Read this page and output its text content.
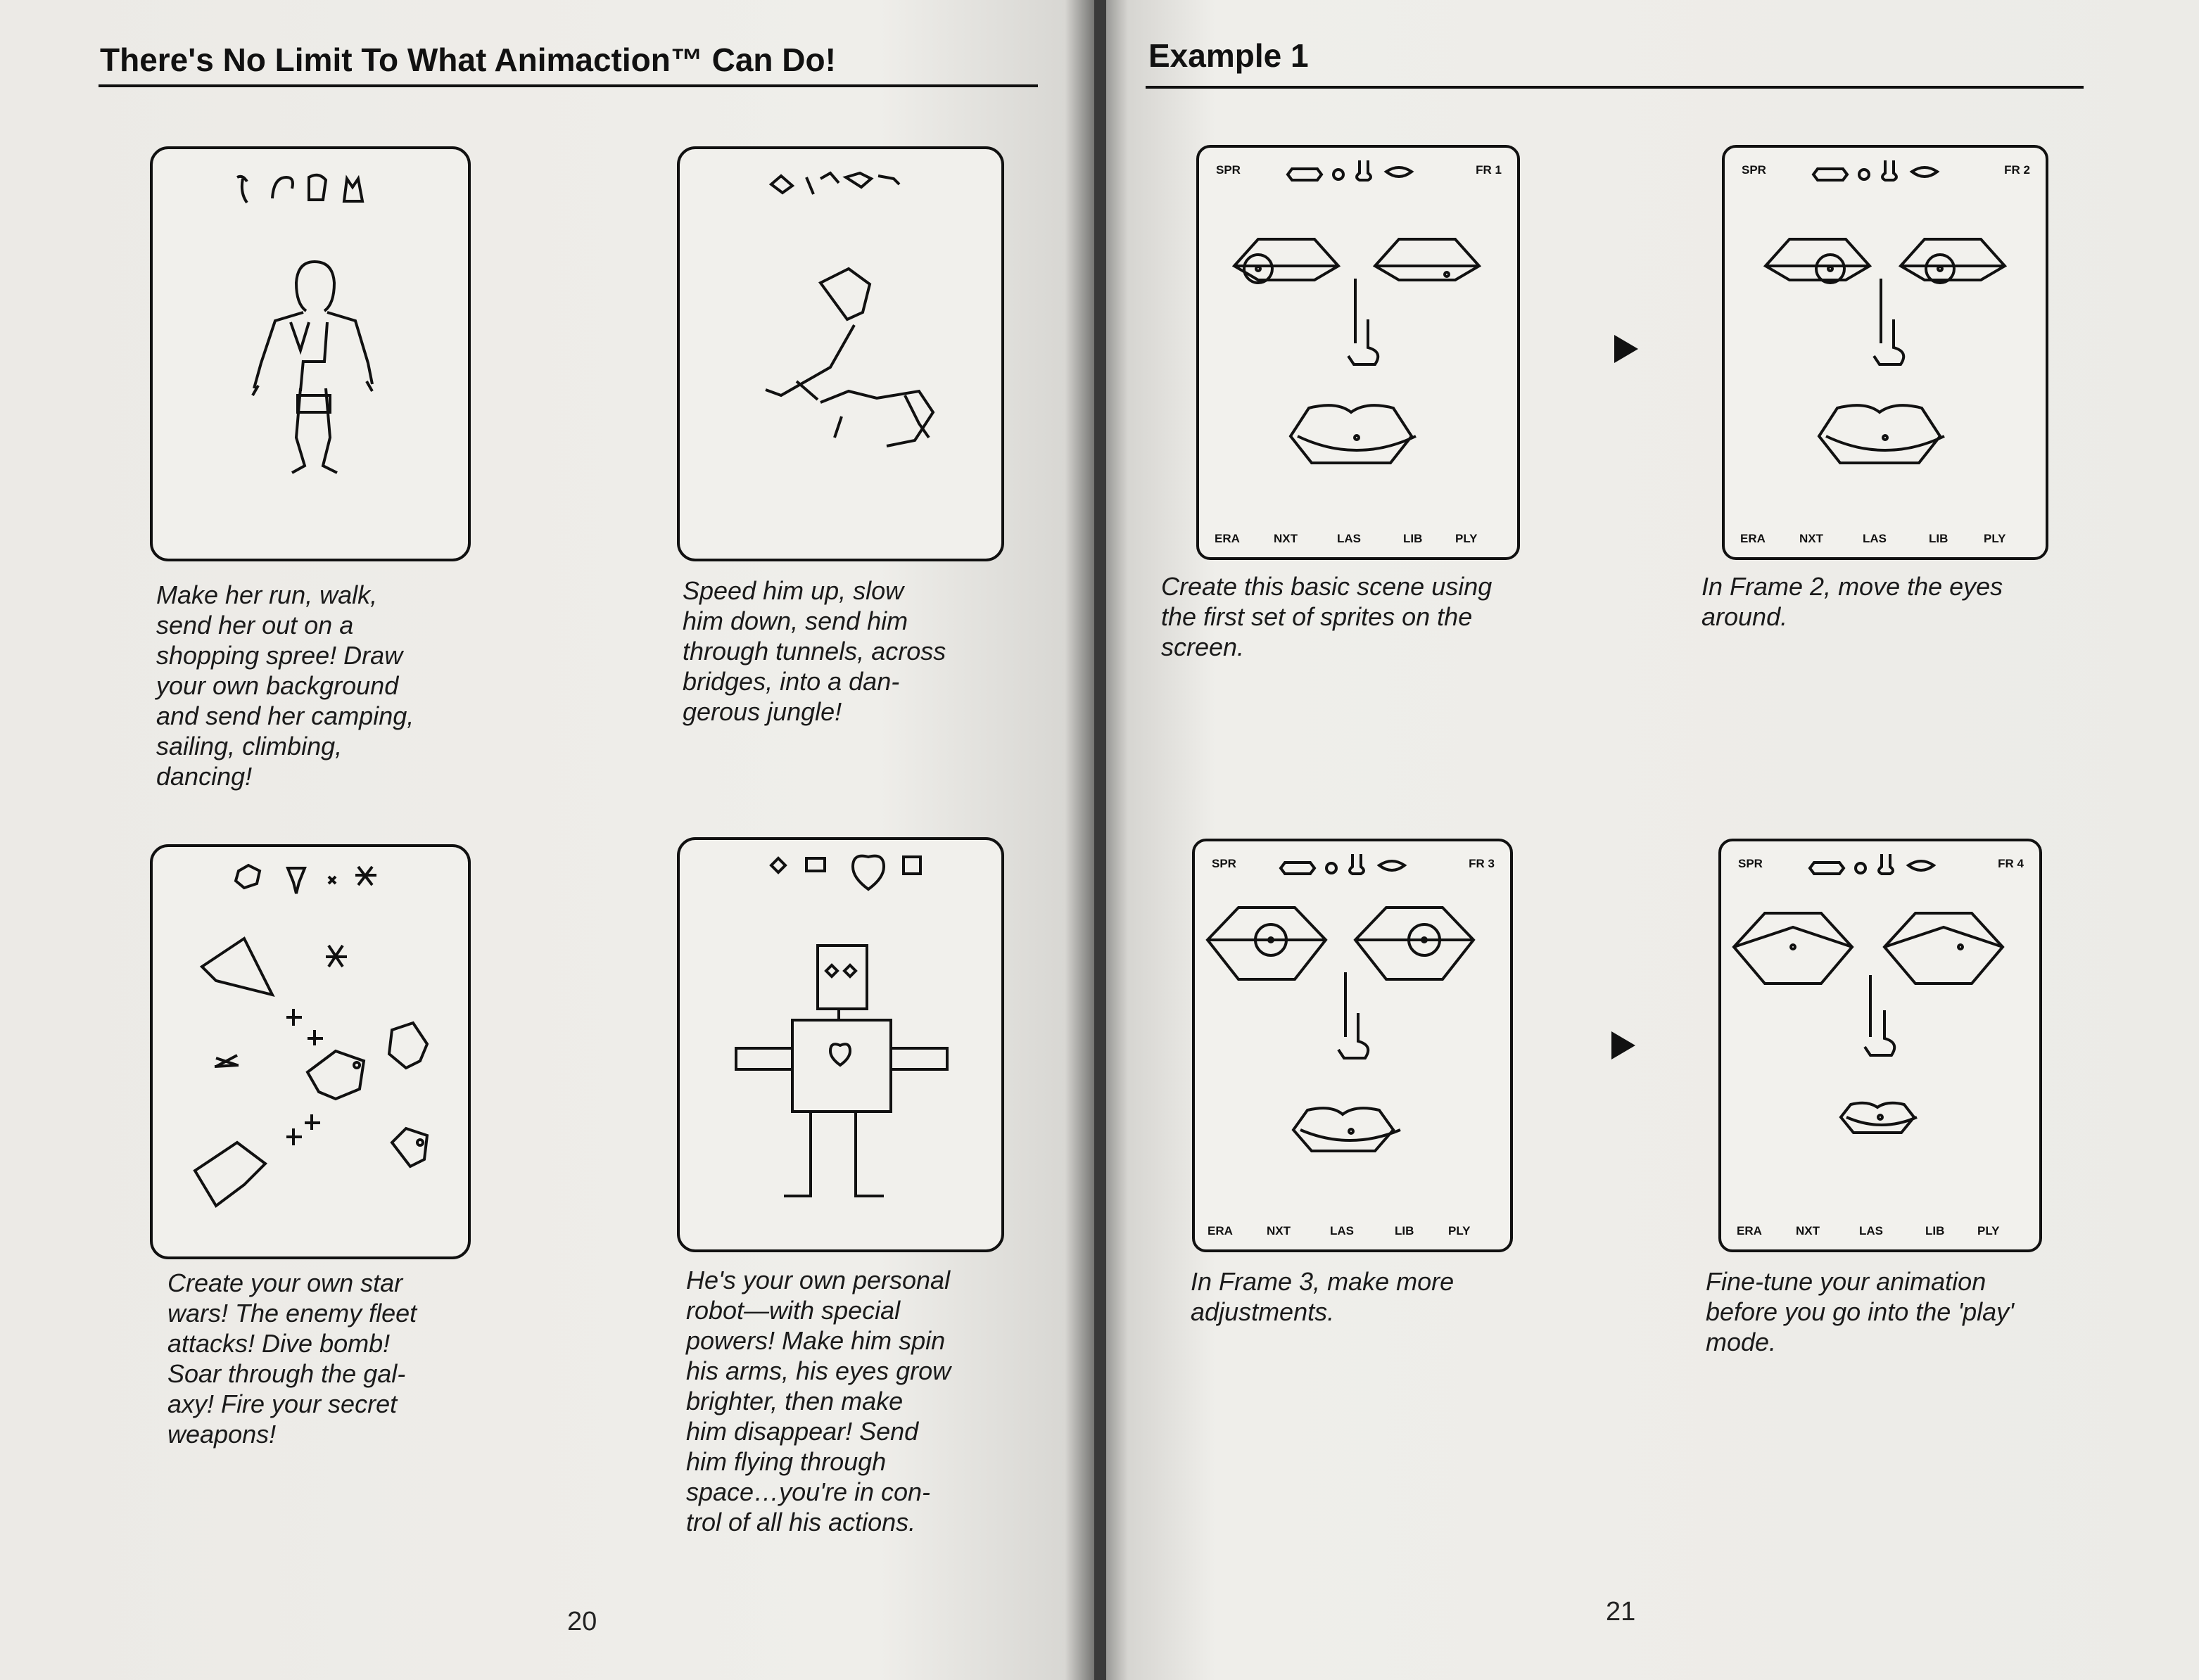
There's No Limit To What Animaction™ Can Do!

Make her run, walk,
send her out on a
shopping spree! Draw
your own background
and send her camping,
sailing, climbing,
dancing!

Speed him up, slow
him down, send him
through tunnels, across
bridges, into a dan-
gerous jungle!

Create your own star
wars! The enemy fleet
attacks! Dive bomb!
Soar through the gal-
axy! Fire your secret
weapons!

He's your own personal
robot—with special
powers! Make him spin
his arms, his eyes grow
brighter, then make
him disappear! Send
him flying through
space…you're in con-
trol of all his actions.

20
Example 1
SPR	FR 1
ERA	NXT	LAS	LIB	PLY
SPR	FR 2
ERA	NXT	LAS	LIB	PLY

Create this basic scene using
the first set of sprites on the
screen.

In Frame 2, move the eyes
around.

SPR	FR 3
ERA	NXT	LAS	LIB	PLY
SPR	FR 4
ERA	NXT	LAS	LIB	PLY

In Frame 3, make more
adjustments.

Fine-tune your animation
before you go into the 'play'
mode.

21
